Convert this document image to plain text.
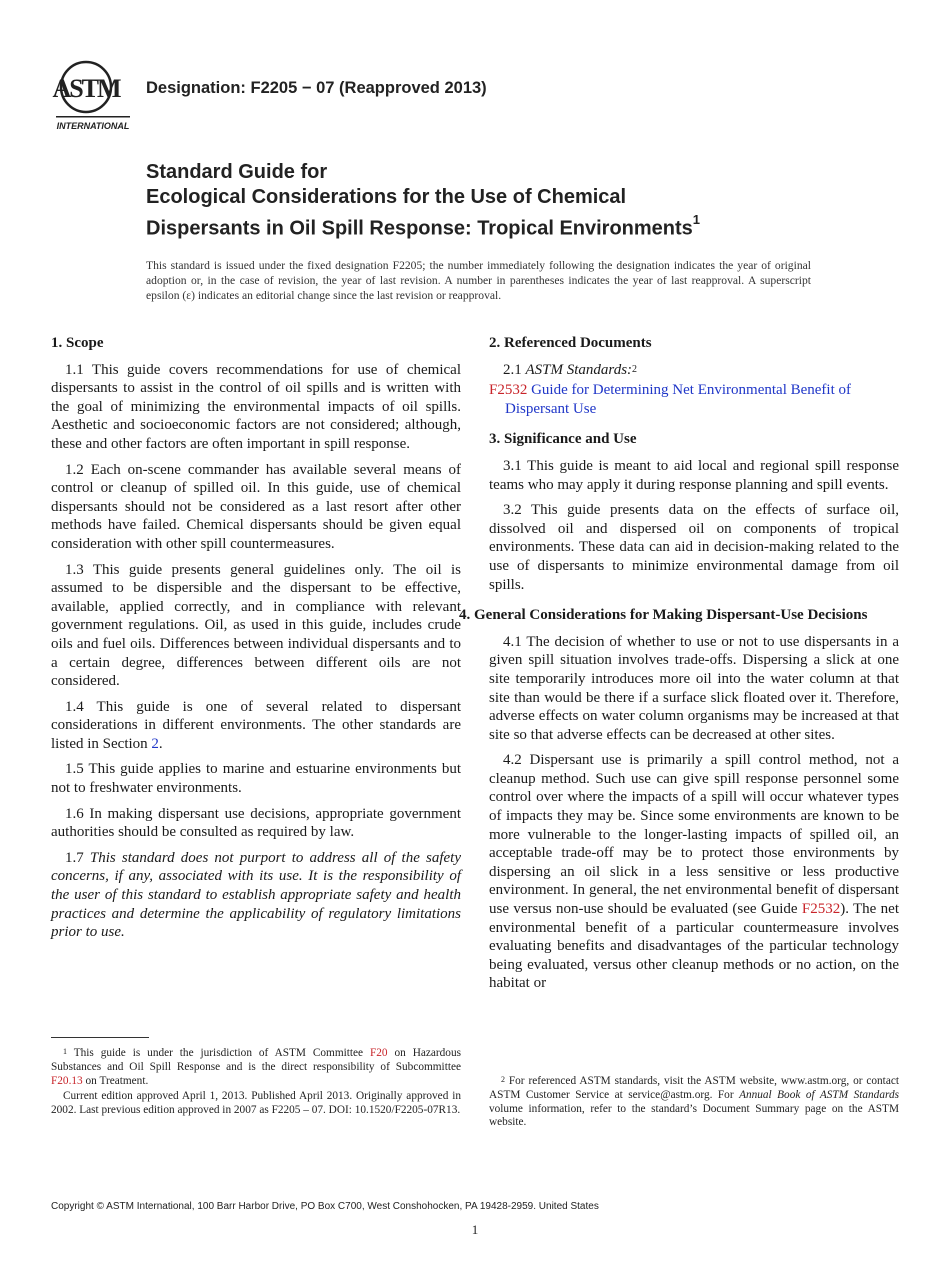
ASTM
INTERNATIONAL
Designation: F2205 − 07 (Reapproved 2013)
Standard Guide for
Ecological Considerations for the Use of Chemical
Dispersants in Oil Spill Response: Tropical Environments$^1$
This standard is issued under the fixed designation F2205; the number immediately following the designation indicates the year of original adoption or, in the case of revision, the year of last revision. A number in parentheses indicates the year of last reapproval. A superscript epsilon (ε) indicates an editorial change since the last revision or reapproval.
1. Scope

1.1 This guide covers recommendations for use of chemical dispersants to assist in the control of oil spills and is written with the goal of minimizing the environmental impacts of oil spills. Aesthetic and socioeconomic factors are not considered; although, these and other factors are often important in spill response.

1.2 Each on-scene commander has available several means of control or cleanup of spilled oil. In this guide, use of chemical dispersants should not be considered as a last resort after other methods have failed. Chemical dispersants should be given equal consideration with other spill countermeasures.

1.3 This guide presents general guidelines only. The oil is assumed to be dispersible and the dispersant to be effective, available, applied correctly, and in compliance with relevant government regulations. Oil, as used in this guide, includes crude oils and fuel oils. Differences between individual dispersants and to a certain degree, differences between different oils are not considered.

1.4 This guide is one of several related to dispersant considerations in different environments. The other standards are listed in Section 2.

1.5 This guide applies to marine and estuarine environments but not to freshwater environments.

1.6 In making dispersant use decisions, appropriate government authorities should be consulted as required by law.

1.7 This standard does not purport to address all of the safety concerns, if any, associated with its use. It is the responsibility of the user of this standard to establish appropriate safety and health practices and determine the applicability of regulatory limitations prior to use.

2. Referenced Documents

2.1 ASTM Standards:$^2$

F2532 Guide for Determining Net Environmental Benefit of Dispersant Use

3. Significance and Use

3.1 This guide is meant to aid local and regional spill response teams who may apply it during response planning and spill events.

3.2 This guide presents data on the effects of surface oil, dissolved oil and dispersed oil on components of tropical environments. These data can aid in decision-making related to the use of dispersants to minimize environmental damage from oil spills.

4. General Considerations for Making Dispersant-Use Decisions

4.1 The decision of whether to use or not to use dispersants in a given spill situation involves trade-offs. Dispersing a slick at one site temporarily introduces more oil into the water column at that site than would be there if a surface slick floated over it. Therefore, adverse effects on water column organisms may be increased at that site so that adverse effects can be decreased at other sites.

4.2 Dispersant use is primarily a spill control method, not a cleanup method. Such use can give spill response personnel some control over where the impacts of a spill will occur whatever types of impacts they may be. Since some environments are known to be more vulnerable to the longer-lasting impacts of spilled oil, an acceptable trade-off may be to protect those environments by dispersing an oil slick in a less sensitive or less productive environment. In general, the net environmental benefit of dispersant use versus non-use should be evaluated (see Guide F2532). The net environmental benefit of a particular countermeasure involves evaluating benefits and disadvantages of the particular technology being evaluated, versus other cleanup methods or no action, on the habitat or

$^1$ This guide is under the jurisdiction of ASTM Committee F20 on Hazardous Substances and Oil Spill Response and is the direct responsibility of Subcommittee F20.13 on Treatment.

Current edition approved April 1, 2013. Published April 2013. Originally approved in 2002. Last previous edition approved in 2007 as F2205 – 07. DOI: 10.1520/F2205-07R13.

$^2$ For referenced ASTM standards, visit the ASTM website, www.astm.org, or contact ASTM Customer Service at service@astm.org. For Annual Book of ASTM Standards volume information, refer to the standard’s Document Summary page on the ASTM website.

Copyright © ASTM International, 100 Barr Harbor Drive, PO Box C700, West Conshohocken, PA 19428-2959. United States
1
